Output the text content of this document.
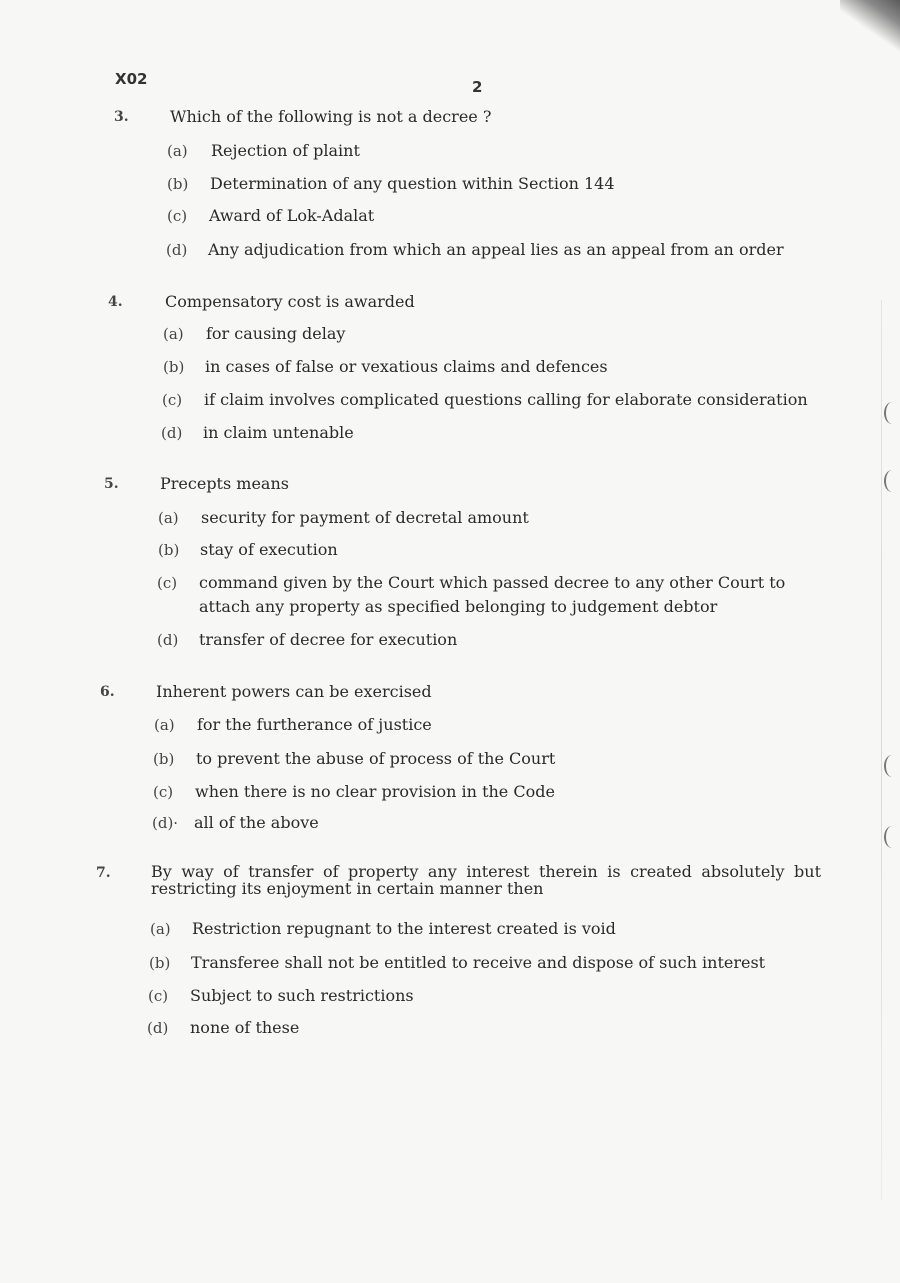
X02	2
3.	Which of the following is not a decree ?
(a) Rejection of plaint
(b) Determination of any question within Section 144
(c) Award of Lok-Adalat
(d) Any adjudication from which an appeal lies as an appeal from an order
4.	Compensatory cost is awarded
(a) for causing delay
(b) in cases of false or vexatious claims and defences
(c) if claim involves complicated questions calling for elaborate consideration
(d) in claim untenable
5.	Precepts means
(a) security for payment of decretal amount
(b) stay of execution
(c) command given by the Court which passed decree to any other Court to attach any property as specified belonging to judgement debtor
(d) transfer of decree for execution
6.	Inherent powers can be exercised
(a) for the furtherance of justice
(b) to prevent the abuse of process of the Court
(c) when there is no clear provision in the Code
(d)· all of the above
7.	By way of transfer of property any interest therein is created absolutely but restricting its enjoyment in certain manner then
(a) Restriction repugnant to the interest created is void
(b) Transferee shall not be entitled to receive and dispose of such interest
(c) Subject to such restrictions
(d) none of these
